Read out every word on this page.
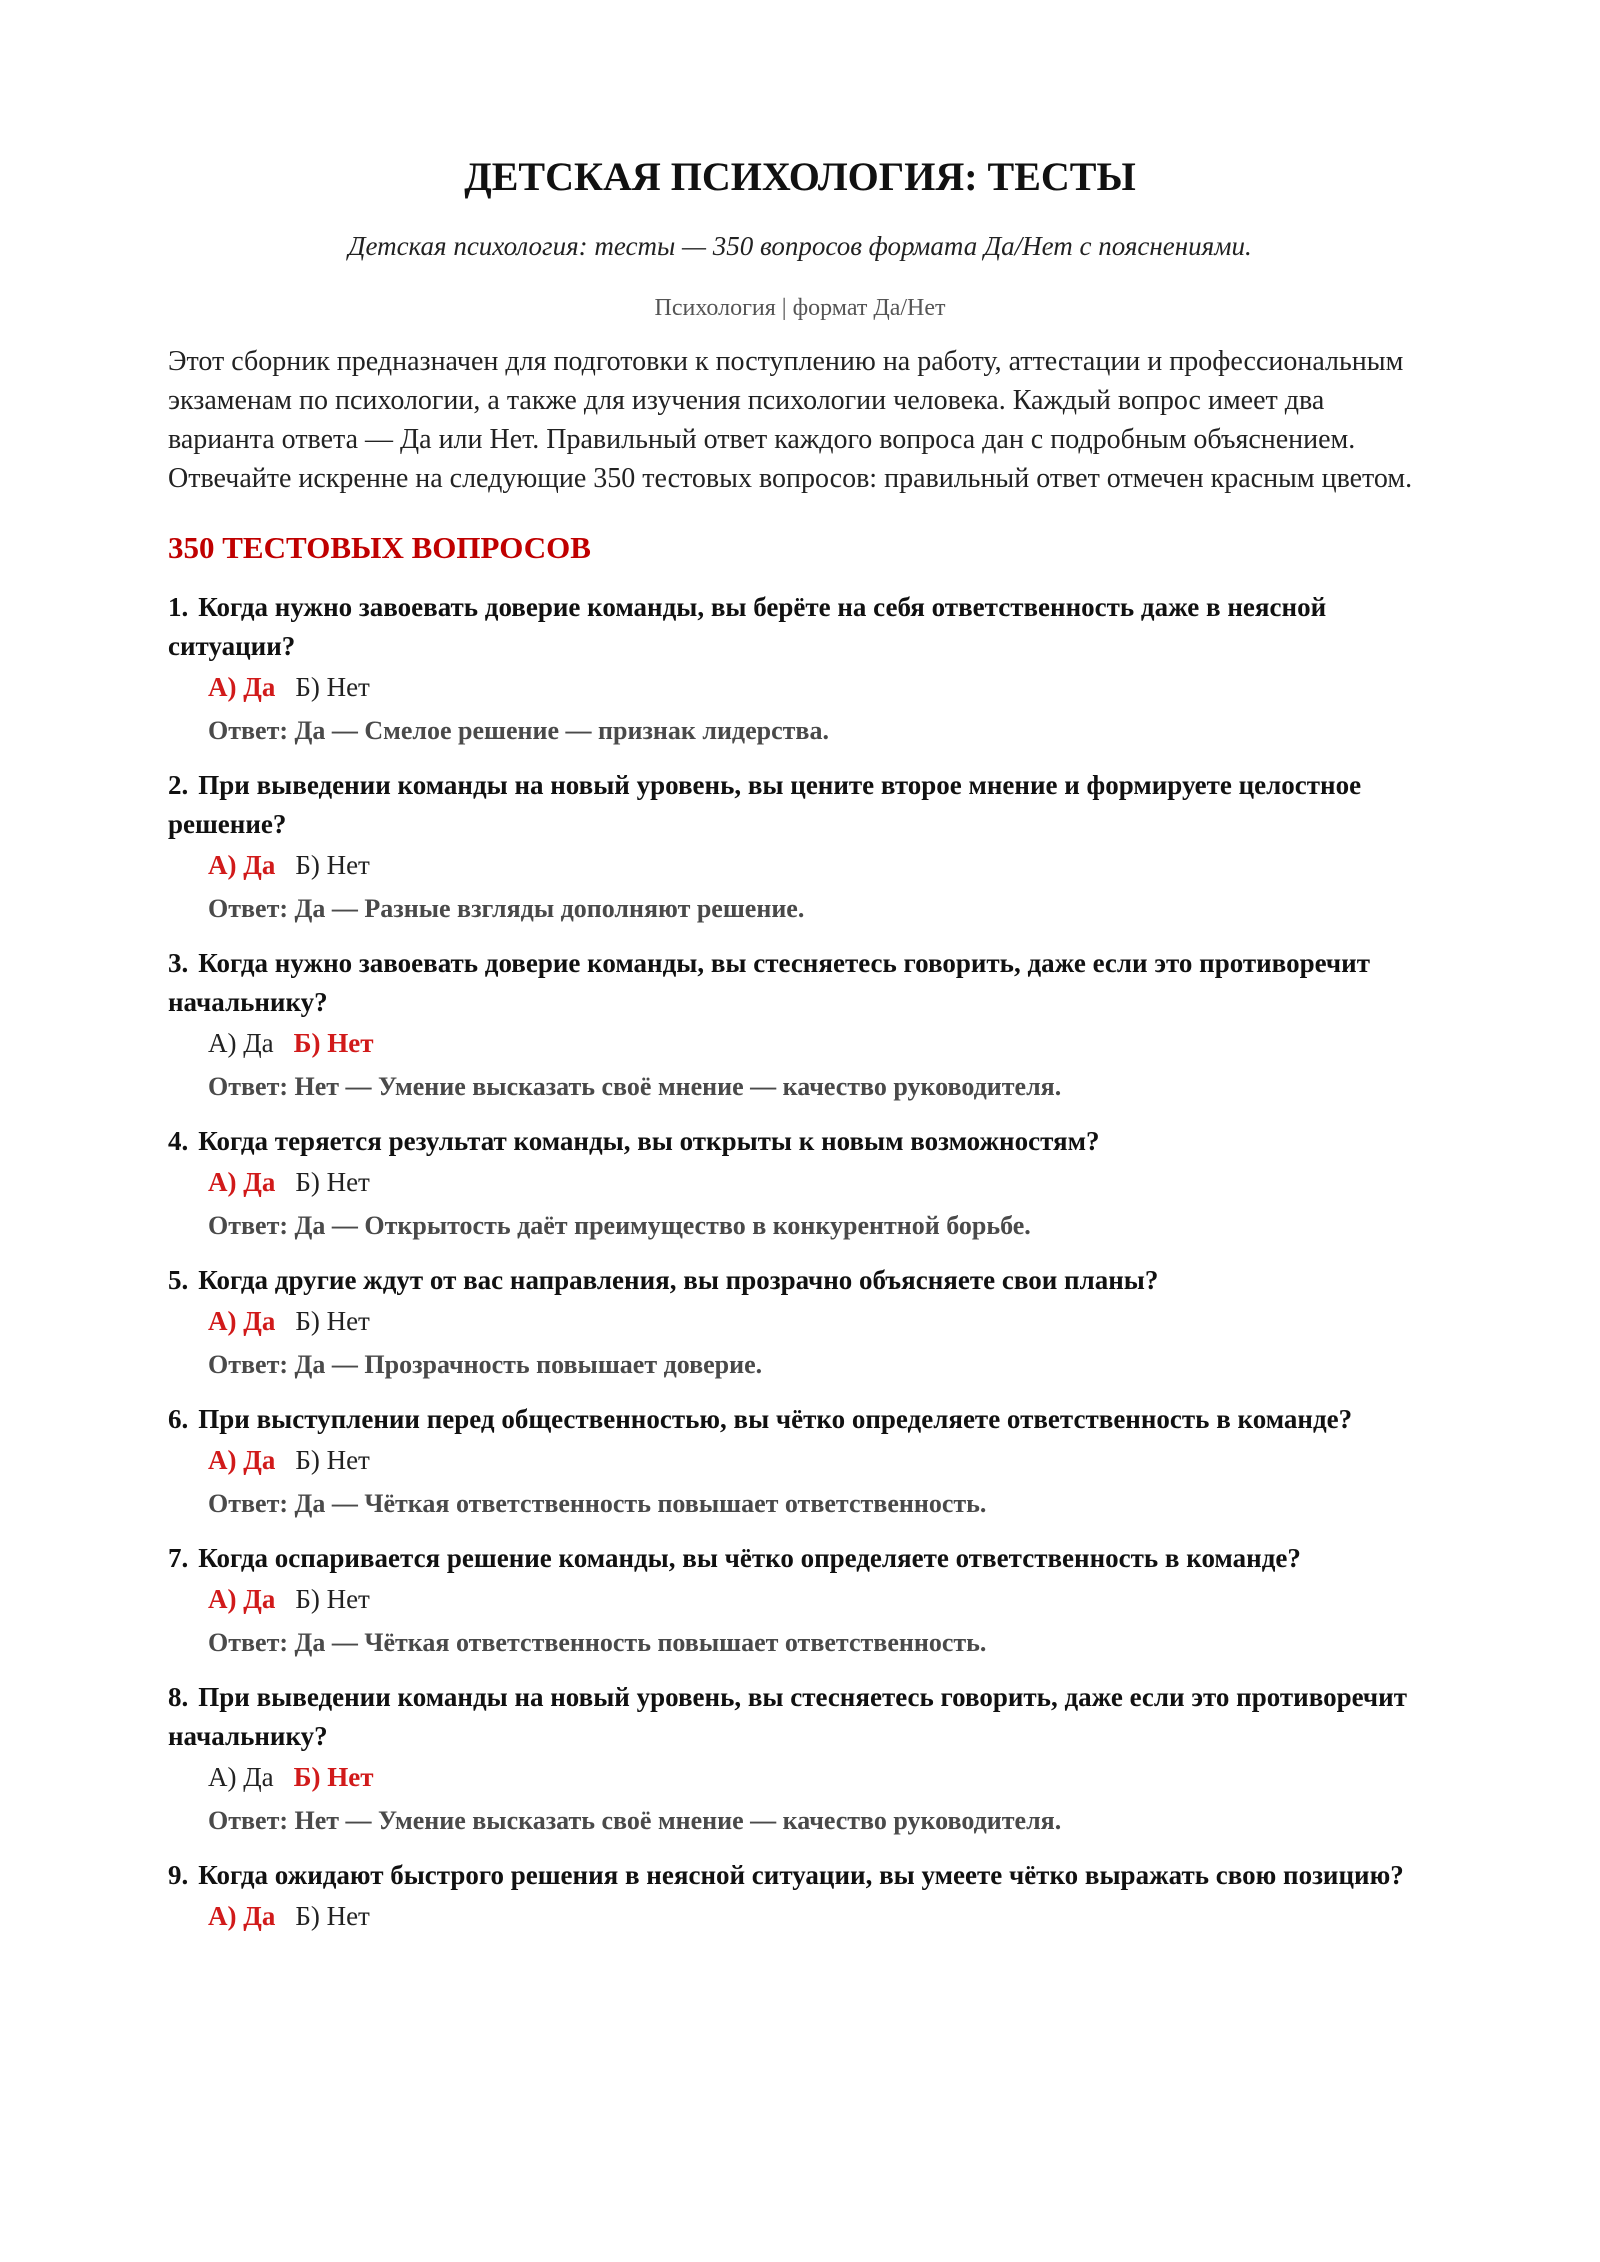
ДЕТСКАЯ ПСИХОЛОГИЯ: ТЕСТЫ

Детская психология: тесты — 350 вопросов формата Да/Нет с пояснениями.

Психология | формат Да/Нет

Этот сборник предназначен для подготовки к поступлению на работу, аттестации и профессиональным экзаменам по психологии, а также для изучения психологии человека. Каждый вопрос имеет два варианта ответа — Да или Нет. Правильный ответ каждого вопроса дан с подробным объяснением. Отвечайте искренне на следующие 350 тестовых вопросов: правильный ответ отмечен красным цветом.

350 ТЕСТОВЫХ ВОПРОСОВ

1. Когда нужно завоевать доверие команды, вы берёте на себя ответственность даже в неясной ситуации?

А) Да Б) Нет

Ответ: Да — Смелое решение — признак лидерства.

2. При выведении команды на новый уровень, вы цените второе мнение и формируете целостное решение?

А) Да Б) Нет

Ответ: Да — Разные взгляды дополняют решение.

3. Когда нужно завоевать доверие команды, вы стесняетесь говорить, даже если это противоречит начальнику?

А) Да Б) Нет

Ответ: Нет — Умение высказать своё мнение — качество руководителя.

4. Когда теряется результат команды, вы открыты к новым возможностям?

А) Да Б) Нет

Ответ: Да — Открытость даёт преимущество в конкурентной борьбе.

5. Когда другие ждут от вас направления, вы прозрачно объясняете свои планы?

А) Да Б) Нет

Ответ: Да — Прозрачность повышает доверие.

6. При выступлении перед общественностью, вы чётко определяете ответственность в команде?

А) Да Б) Нет

Ответ: Да — Чёткая ответственность повышает ответственность.

7. Когда оспаривается решение команды, вы чётко определяете ответственность в команде?

А) Да Б) Нет

Ответ: Да — Чёткая ответственность повышает ответственность.

8. При выведении команды на новый уровень, вы стесняетесь говорить, даже если это противоречит начальнику?

А) Да Б) Нет

Ответ: Нет — Умение высказать своё мнение — качество руководителя.

9. Когда ожидают быстрого решения в неясной ситуации, вы умеете чётко выражать свою позицию?

А) Да Б) Нет
